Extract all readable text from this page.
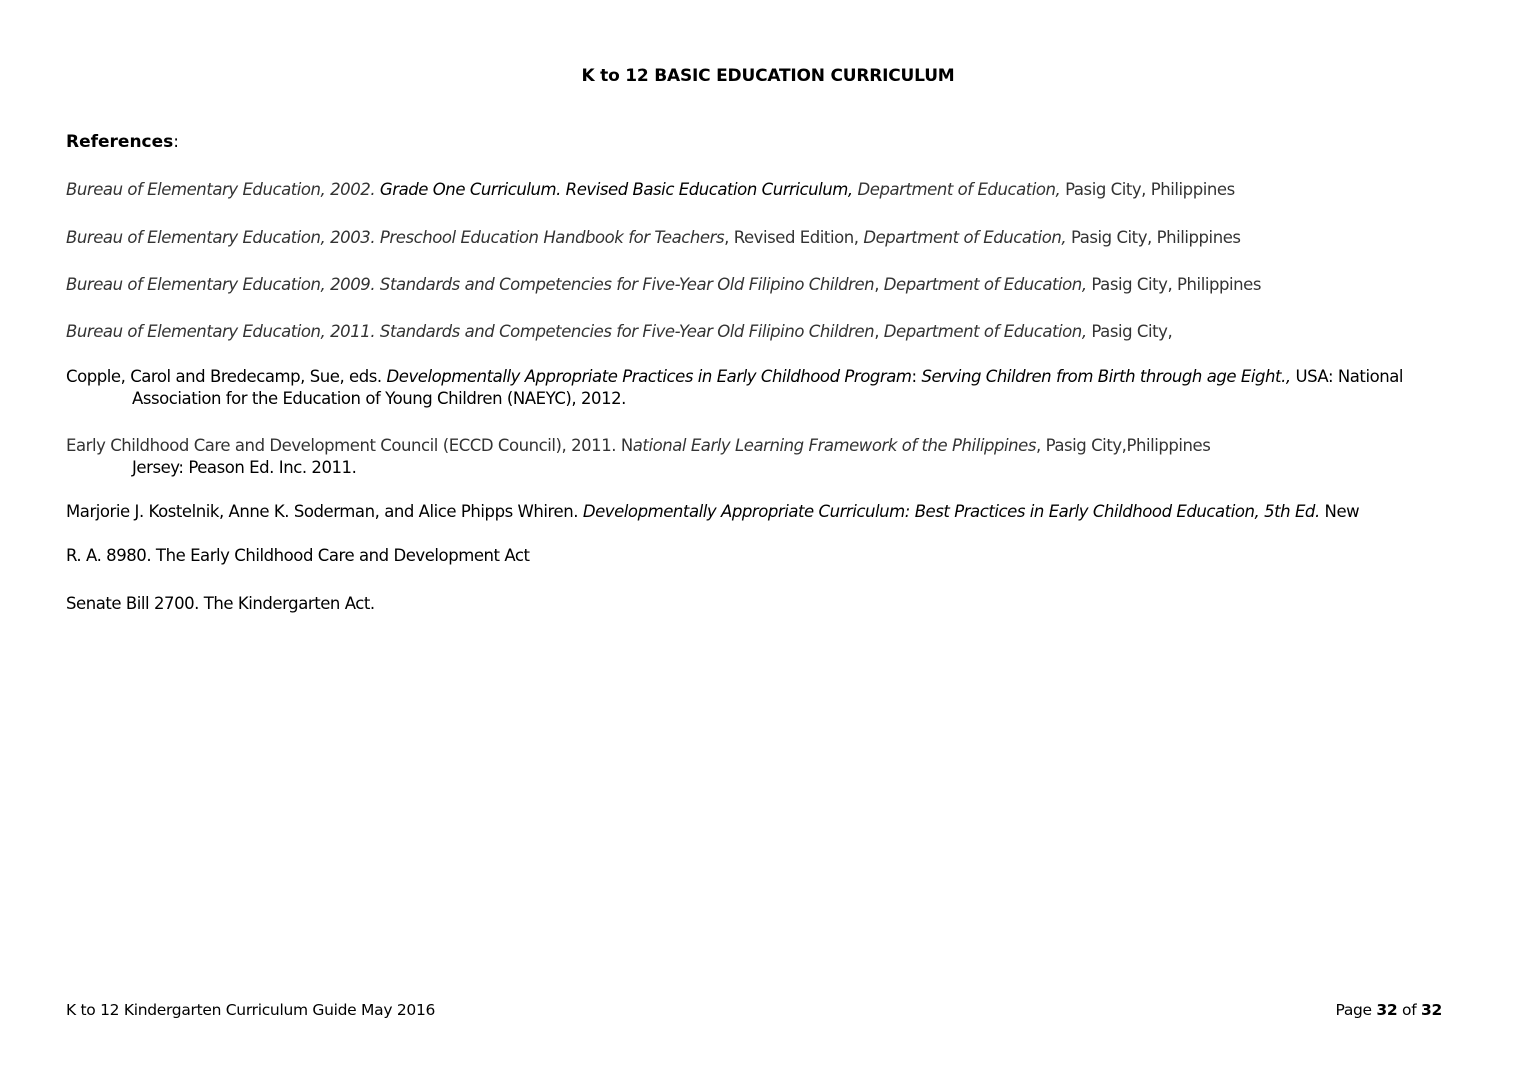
K to 12 BASIC EDUCATION CURRICULUM
References:
Bureau of Elementary Education, 2002. Grade One Curriculum. Revised Basic Education Curriculum, Department of Education, Pasig City, Philippines
Bureau of Elementary Education, 2003. Preschool Education Handbook for Teachers, Revised Edition, Department of Education, Pasig City, Philippines
Bureau of Elementary Education, 2009. Standards and Competencies for Five-Year Old Filipino Children, Department of Education, Pasig City, Philippines
Bureau of Elementary Education, 2011. Standards and Competencies for Five-Year Old Filipino Children, Department of Education, Pasig City,
Copple, Carol and Bredecamp, Sue, eds. Developmentally Appropriate Practices in Early Childhood Program: Serving Children from Birth through age Eight., USA: National
Association for the Education of Young Children (NAEYC), 2012.
Early Childhood Care and Development Council (ECCD Council), 2011. National Early Learning Framework of the Philippines, Pasig City,Philippines
Jersey: Peason Ed. Inc. 2011.
Marjorie J. Kostelnik, Anne K. Soderman, and Alice Phipps Whiren. Developmentally Appropriate Curriculum: Best Practices in Early Childhood Education, 5th Ed. New
R. A. 8980. The Early Childhood Care and Development Act
Senate Bill 2700. The Kindergarten Act.
K to 12 Kindergarten Curriculum Guide May 2016	Page 32 of 32
